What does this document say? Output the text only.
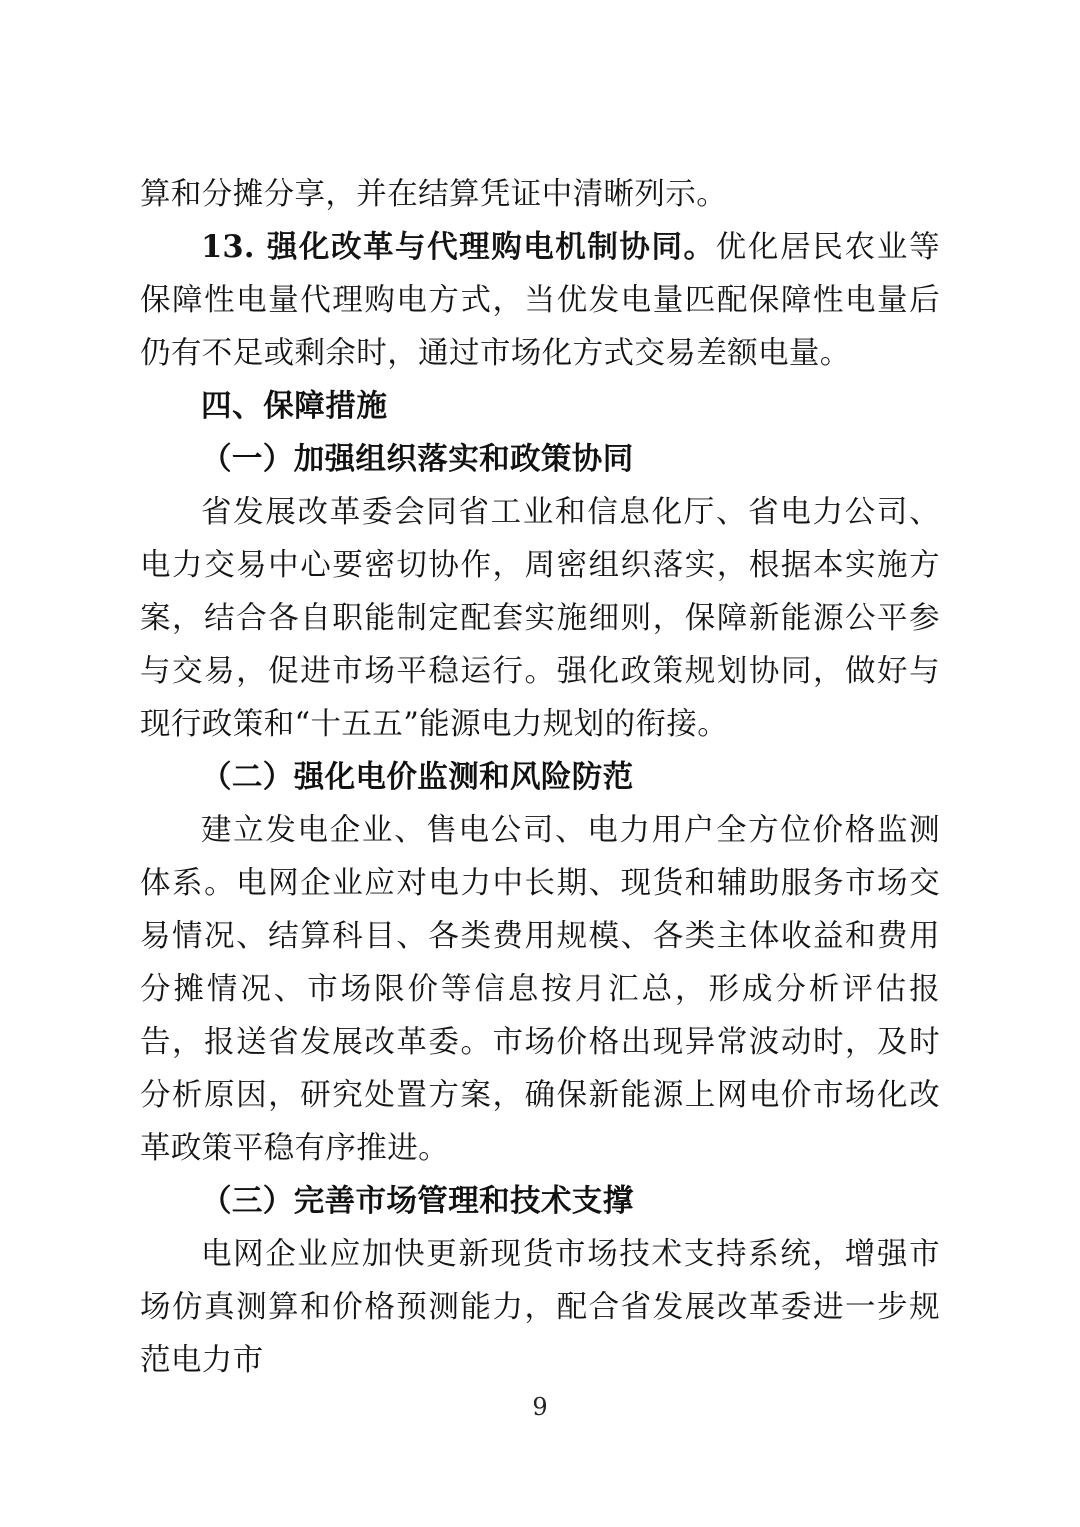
算和分摊分享，并在结算凭证中清晰列示。

13. 强化改革与代理购电机制协同。优化居民农业等保障性电量代理购电方式，当优发电量匹配保障性电量后仍有不足或剩余时，通过市场化方式交易差额电量。

四、保障措施

（一）加强组织落实和政策协同

省发展改革委会同省工业和信息化厅、省电力公司、电力交易中心要密切协作，周密组织落实，根据本实施方案，结合各自职能制定配套实施细则，保障新能源公平参与交易，促进市场平稳运行。强化政策规划协同，做好与现行政策和“十五五”能源电力规划的衔接。

（二）强化电价监测和风险防范

建立发电企业、售电公司、电力用户全方位价格监测体系。电网企业应对电力中长期、现货和辅助服务市场交易情况、结算科目、各类费用规模、各类主体收益和费用分摊情况、市场限价等信息按月汇总，形成分析评估报告，报送省发展改革委。市场价格出现异常波动时，及时分析原因，研究处置方案，确保新能源上网电价市场化改革政策平稳有序推进。

（三）完善市场管理和技术支撑

电网企业应加快更新现货市场技术支持系统，增强市场仿真测算和价格预测能力，配合省发展改革委进一步规范电力市

9
